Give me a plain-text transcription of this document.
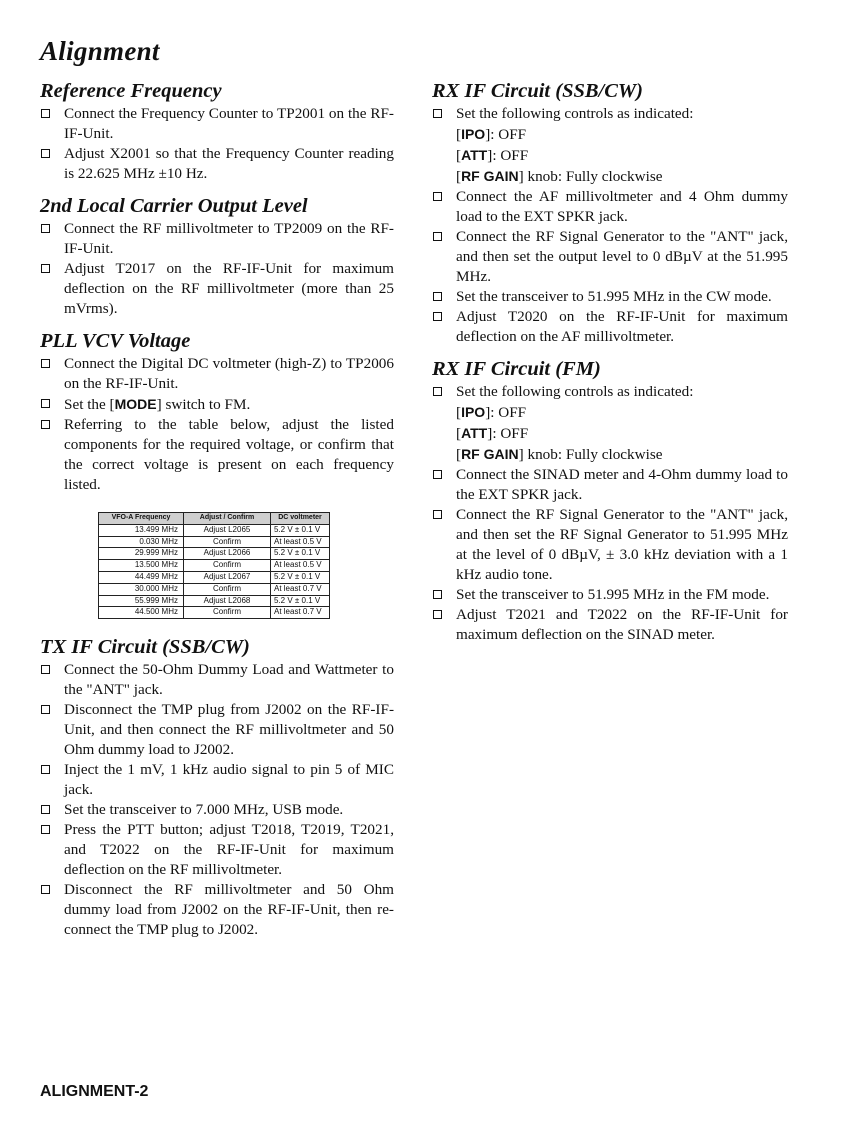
Alignment
Reference Frequency
Connect the Frequency Counter to TP2001 on the RF-IF-Unit.
Adjust X2001 so that the Frequency Counter reading is 22.625 MHz ±10 Hz.
2nd Local Carrier Output Level
Connect the RF millivoltmeter to TP2009 on the RF-IF-Unit.
Adjust T2017 on the RF-IF-Unit for maximum deflection on the RF millivoltmeter (more than 25 mVrms).
PLL VCV Voltage
Connect the Digital DC voltmeter (high-Z) to TP2006 on the RF-IF-Unit.
Set the [MODE] switch to FM.
Referring to the table below, adjust the listed components for the required voltage, or confirm that the correct voltage is present on each frequency listed.
VFO-A Frequency	Adjust / Confirm	DC voltmeter
13.499 MHz	Adjust L2065	5.2 V ± 0.1 V
0.030 MHz	Confirm	At least 0.5 V
29.999 MHz	Adjust L2066	5.2 V ± 0.1 V
13.500 MHz	Confirm	At least 0.5 V
44.499 MHz	Adjust L2067	5.2 V ± 0.1 V
30.000 MHz	Confirm	At least 0.7 V
55.999 MHz	Adjust L2068	5.2 V ± 0.1 V
44.500 MHz	Confirm	At least 0.7 V
TX IF Circuit (SSB/CW)
Connect the 50-Ohm Dummy Load and Wattmeter to the "ANT" jack.
Disconnect the TMP plug from J2002 on the RF-IF-Unit, and then connect the RF millivoltmeter and 50 Ohm dummy load to J2002.
Inject the 1 mV, 1 kHz audio signal to pin 5 of MIC jack.
Set the transceiver to 7.000 MHz, USB mode.
Press the PTT button; adjust T2018, T2019, T2021, and T2022 on the RF-IF-Unit for maximum deflection on the RF millivoltmeter.
Disconnect the RF millivoltmeter and 50 Ohm dummy load from J2002 on the RF-IF-Unit, then re-connect the TMP plug to J2002.
RX IF Circuit (SSB/CW)
Set the following controls as indicated:
[IPO]: OFF
[ATT]: OFF
[RF GAIN] knob: Fully clockwise
Connect the AF millivoltmeter and 4 Ohm dummy load to the EXT SPKR jack.
Connect the RF Signal Generator to the "ANT" jack, and then set the output level to 0 dBµV at the 51.995 MHz.
Set the transceiver to 51.995 MHz in the CW mode.
Adjust T2020 on the RF-IF-Unit for maximum deflection on the AF millivoltmeter.
RX IF Circuit (FM)
Set the following controls as indicated:
[IPO]: OFF
[ATT]: OFF
[RF GAIN] knob: Fully clockwise
Connect the SINAD meter and 4-Ohm dummy load to the EXT SPKR jack.
Connect the RF Signal Generator to the "ANT" jack, and then set the RF Signal Generator to 51.995 MHz at the level of 0 dBµV, ± 3.0 kHz deviation with a 1 kHz audio tone.
Set the transceiver to 51.995 MHz in the FM mode.
Adjust T2021 and T2022 on the RF-IF-Unit for maximum deflection on the SINAD meter.
ALIGNMENT-2
